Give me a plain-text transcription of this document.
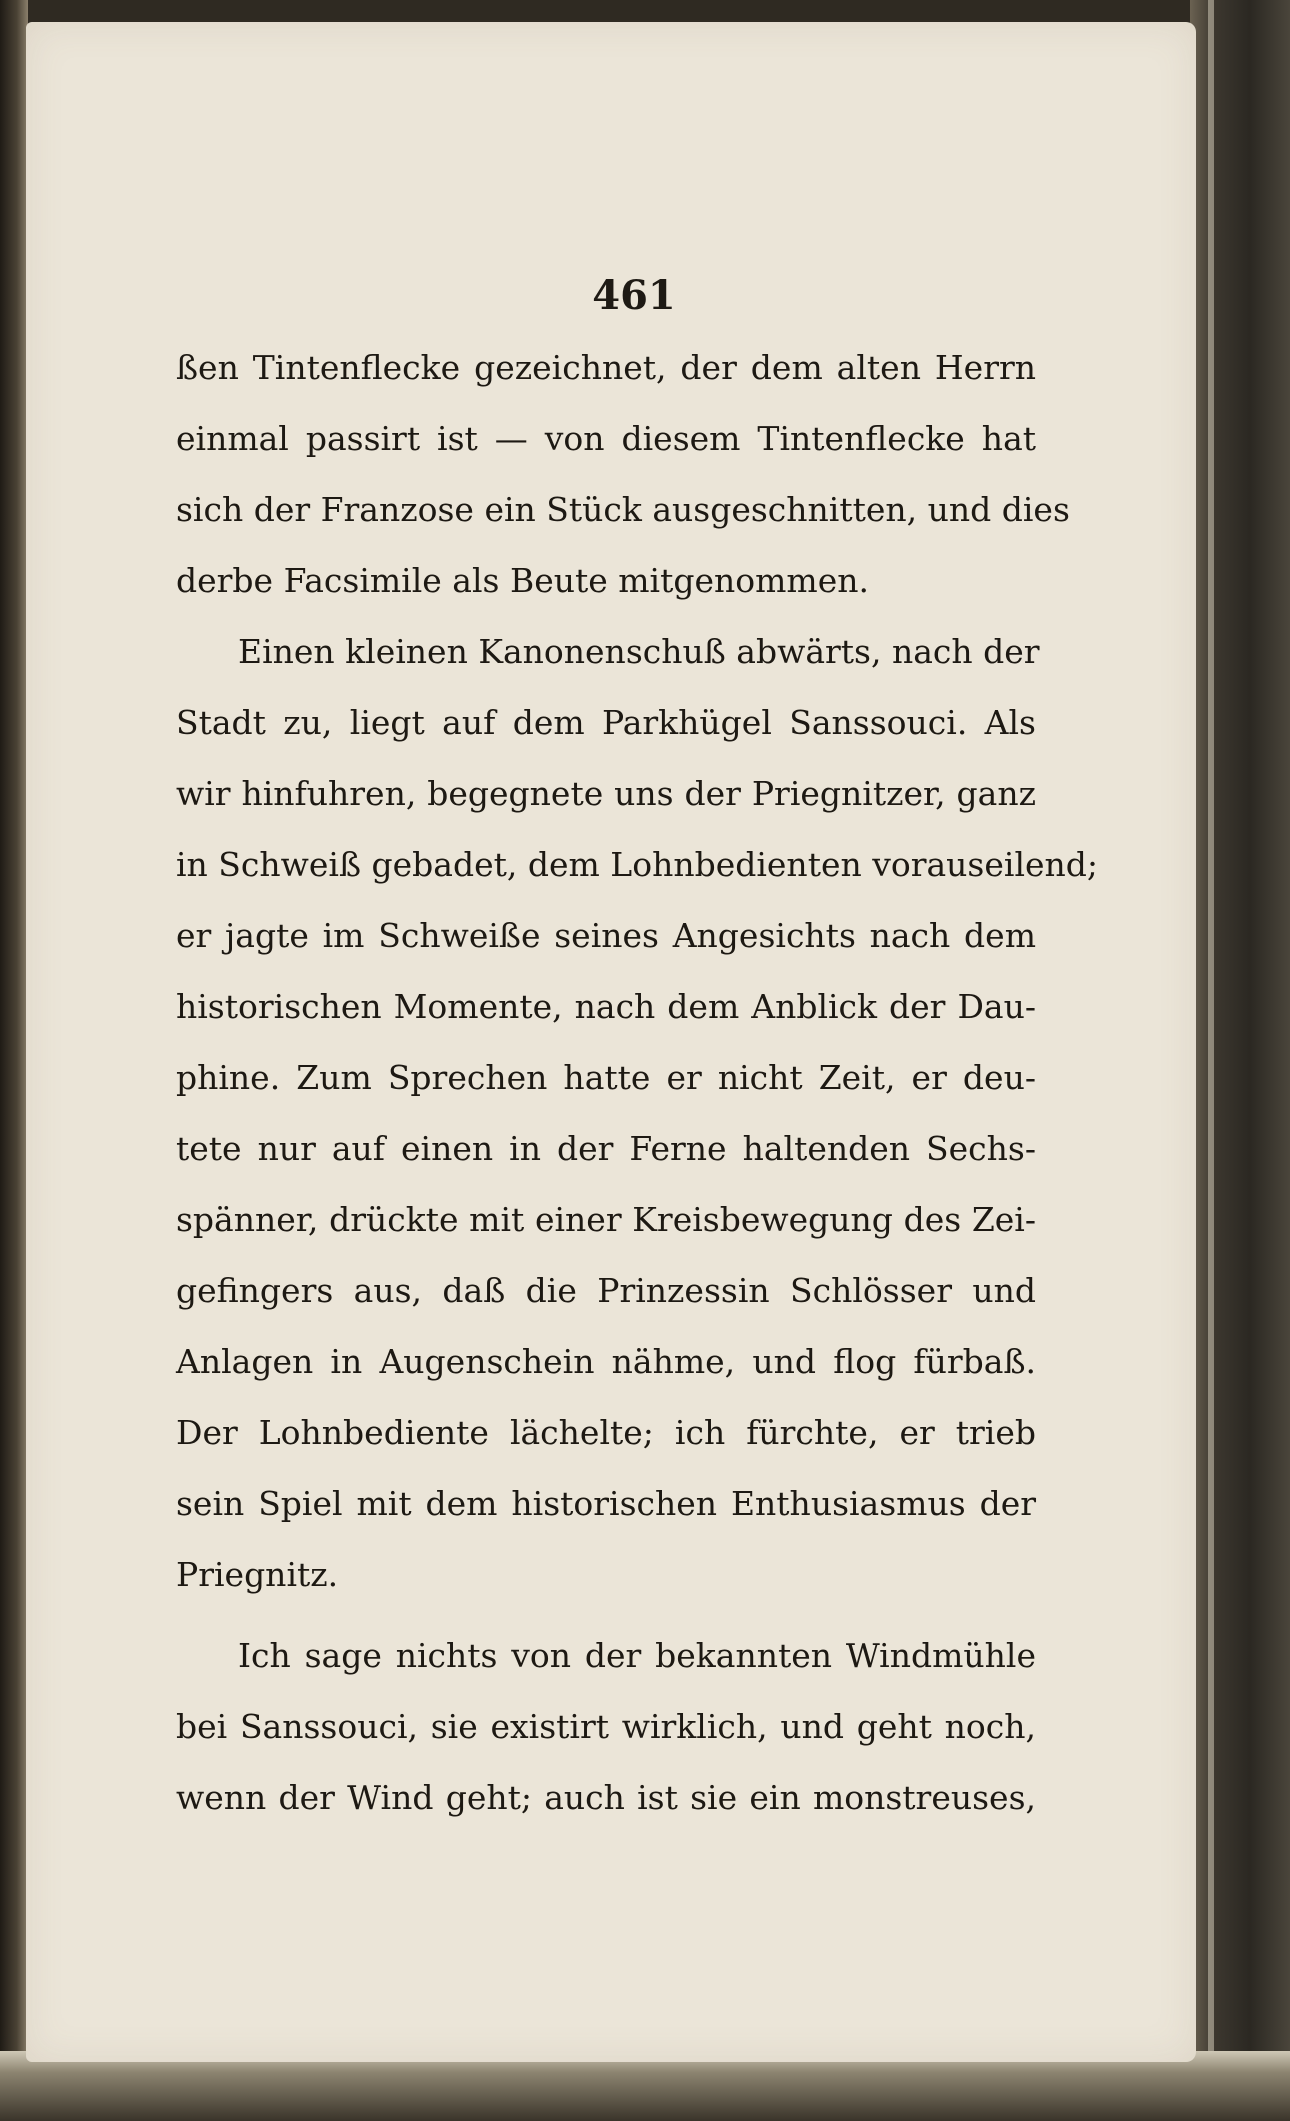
461
ßen Tintenflecke gezeichnet, der dem alten Herrn
einmal passirt ist — von diesem Tintenflecke hat
sich der Franzose ein Stück ausgeschnitten, und dies
derbe Facsimile als Beute mitgenommen.
Einen kleinen Kanonenschuß abwärts, nach der
Stadt zu, liegt auf dem Parkhügel Sanssouci. Als
wir hinfuhren, begegnete uns der Priegnitzer, ganz
in Schweiß gebadet, dem Lohnbedienten vorauseilend;
er jagte im Schweiße seines Angesichts nach dem
historischen Momente, nach dem Anblick der Dau-
phine. Zum Sprechen hatte er nicht Zeit, er deu-
tete nur auf einen in der Ferne haltenden Sechs-
spänner, drückte mit einer Kreisbewegung des Zei-
gefingers aus, daß die Prinzessin Schlösser und
Anlagen in Augenschein nähme, und flog fürbaß.
Der Lohnbediente lächelte; ich fürchte, er trieb
sein Spiel mit dem historischen Enthusiasmus der
Priegnitz.
Ich sage nichts von der bekannten Windmühle
bei Sanssouci, sie existirt wirklich, und geht noch,
wenn der Wind geht; auch ist sie ein monstreuses,
